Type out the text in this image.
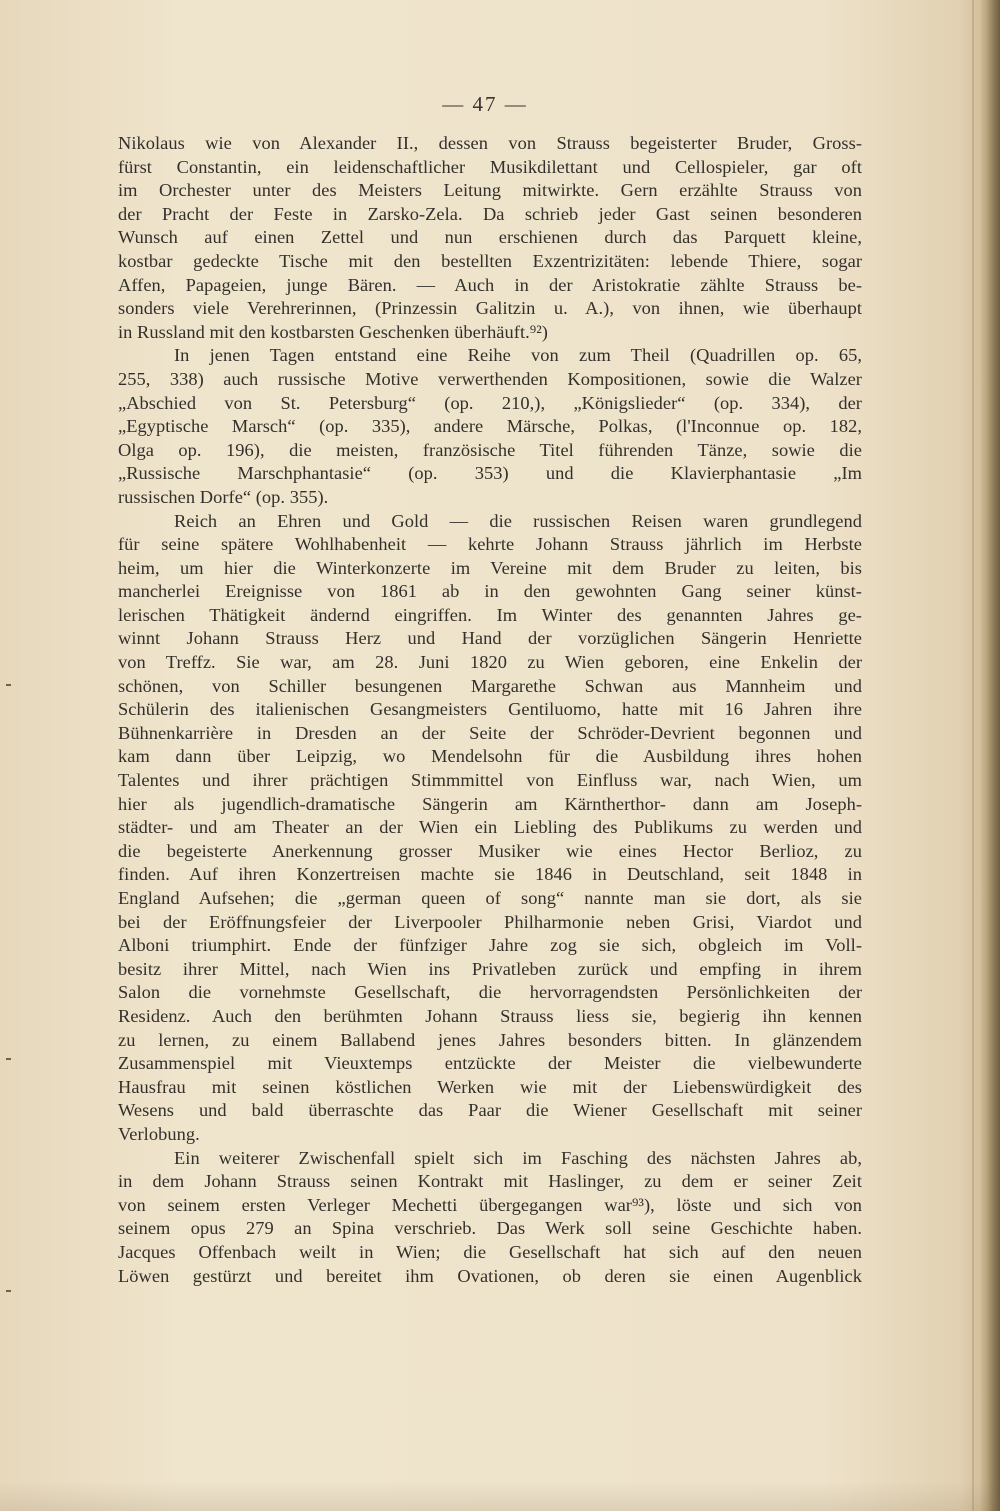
— 47 —
Nikolaus wie von Alexander II., dessen von Strauss begeisterter Bruder, Gross-
fürst Constantin, ein leidenschaftlicher Musikdilettant und Cellospieler, gar oft
im Orchester unter des Meisters Leitung mitwirkte. Gern erzählte Strauss von
der Pracht der Feste in Zarsko-Zela. Da schrieb jeder Gast seinen besonderen
Wunsch auf einen Zettel und nun erschienen durch das Parquett kleine,
kostbar gedeckte Tische mit den bestellten Exzentrizitäten: lebende Thiere, sogar
Affen, Papageien, junge Bären. — Auch in der Aristokratie zählte Strauss be-
sonders viele Verehrerinnen, (Prinzessin Galitzin u. A.), von ihnen, wie überhaupt
in Russland mit den kostbarsten Geschenken überhäuft.⁹²)
In jenen Tagen entstand eine Reihe von zum Theil (Quadrillen op. 65,
255, 338) auch russische Motive verwerthenden Kompositionen, sowie die Walzer
„Abschied von St. Petersburg“ (op. 210,), „Königslieder“ (op. 334), der
„Egyptische Marsch“ (op. 335), andere Märsche, Polkas, (l'Inconnue op. 182,
Olga op. 196), die meisten, französische Titel führenden Tänze, sowie die
„Russische Marschphantasie“ (op. 353) und die Klavierphantasie „Im
russischen Dorfe“ (op. 355).
Reich an Ehren und Gold — die russischen Reisen waren grundlegend
für seine spätere Wohlhabenheit — kehrte Johann Strauss jährlich im Herbste
heim, um hier die Winterkonzerte im Vereine mit dem Bruder zu leiten, bis
mancherlei Ereignisse von 1861 ab in den gewohnten Gang seiner künst-
lerischen Thätigkeit ändernd eingriffen. Im Winter des genannten Jahres ge-
winnt Johann Strauss Herz und Hand der vorzüglichen Sängerin Henriette
von Treffz. Sie war, am 28. Juni 1820 zu Wien geboren, eine Enkelin der
schönen, von Schiller besungenen Margarethe Schwan aus Mannheim und
Schülerin des italienischen Gesangmeisters Gentiluomo, hatte mit 16 Jahren ihre
Bühnenkarrière in Dresden an der Seite der Schröder-Devrient begonnen und
kam dann über Leipzig, wo Mendelsohn für die Ausbildung ihres hohen
Talentes und ihrer prächtigen Stimmmittel von Einfluss war, nach Wien, um
hier als jugendlich-dramatische Sängerin am Kärntherthor- dann am Joseph-
städter- und am Theater an der Wien ein Liebling des Publikums zu werden und
die begeisterte Anerkennung grosser Musiker wie eines Hector Berlioz, zu
finden. Auf ihren Konzertreisen machte sie 1846 in Deutschland, seit 1848 in
England Aufsehen; die „german queen of song“ nannte man sie dort, als sie
bei der Eröffnungsfeier der Liverpooler Philharmonie neben Grisi, Viardot und
Alboni triumphirt. Ende der fünfziger Jahre zog sie sich, obgleich im Voll-
besitz ihrer Mittel, nach Wien ins Privatleben zurück und empfing in ihrem
Salon die vornehmste Gesellschaft, die hervorragendsten Persönlichkeiten der
Residenz. Auch den berühmten Johann Strauss liess sie, begierig ihn kennen
zu lernen, zu einem Ballabend jenes Jahres besonders bitten. In glänzendem
Zusammenspiel mit Vieuxtemps entzückte der Meister die vielbewunderte
Hausfrau mit seinen köstlichen Werken wie mit der Liebenswürdigkeit des
Wesens und bald überraschte das Paar die Wiener Gesellschaft mit seiner
Verlobung.
Ein weiterer Zwischenfall spielt sich im Fasching des nächsten Jahres ab,
in dem Johann Strauss seinen Kontrakt mit Haslinger, zu dem er seiner Zeit
von seinem ersten Verleger Mechetti übergegangen war⁹³), löste und sich von
seinem opus 279 an Spina verschrieb. Das Werk soll seine Geschichte haben.
Jacques Offenbach weilt in Wien; die Gesellschaft hat sich auf den neuen
Löwen gestürzt und bereitet ihm Ovationen, ob deren sie einen Augenblick
